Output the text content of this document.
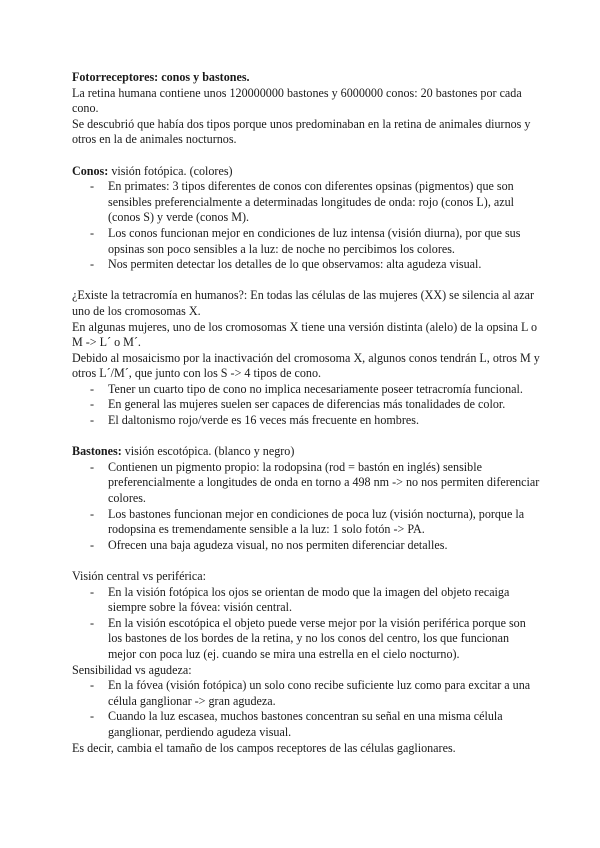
Fotorreceptores: conos y bastones.

La retina humana contiene unos 120000000 bastones y 6000000 conos: 20 bastones por cada cono.

Se descubrió que había dos tipos porque unos predominaban en la retina de animales diurnos y otros en la de animales nocturnos.

Conos: visión fotópica. (colores)

- En primates: 3 tipos diferentes de conos con diferentes opsinas (pigmentos) que son sensibles preferencialmente a determinadas longitudes de onda: rojo (conos L), azul (conos S) y verde (conos M).
- Los conos funcionan mejor en condiciones de luz intensa (visión diurna), por que sus opsinas son poco sensibles a la luz: de noche no percibimos los colores.
- Nos permiten detectar los detalles de lo que observamos: alta agudeza visual.

¿Existe la tetracromía en humanos?: En todas las células de las mujeres (XX) se silencia al azar uno de los cromosomas X.

En algunas mujeres, uno de los cromosomas X tiene una versión distinta (alelo) de la opsina L o M -> L´ o M´.

Debido al mosaicismo por la inactivación del cromosoma X, algunos conos tendrán L, otros M y otros L´/M´, que junto con los S -> 4 tipos de cono.

- Tener un cuarto tipo de cono no implica necesariamente poseer tetracromía funcional.
- En general las mujeres suelen ser capaces de diferencias más tonalidades de color.
- El daltonismo rojo/verde es 16 veces más frecuente en hombres.

Bastones: visión escotópica. (blanco y negro)

- Contienen un pigmento propio: la rodopsina (rod = bastón en inglés) sensible preferencialmente a longitudes de onda en torno a 498 nm -> no nos permiten diferenciar colores.
- Los bastones funcionan mejor en condiciones de poca luz (visión nocturna), porque la rodopsina es tremendamente sensible a la luz: 1 solo fotón -> PA.
- Ofrecen una baja agudeza visual, no nos permiten diferenciar detalles.

Visión central vs periférica:

- En la visión fotópica los ojos se orientan de modo que la imagen del objeto recaiga siempre sobre la fóvea: visión central.
- En la visión escotópica el objeto puede verse mejor por la visión periférica porque son los bastones de los bordes de la retina, y no los conos del centro, los que funcionan mejor con poca luz (ej. cuando se mira una estrella en el cielo nocturno).

Sensibilidad vs agudeza:

- En la fóvea (visión fotópica) un solo cono recibe suficiente luz como para excitar a una célula ganglionar -> gran agudeza.
- Cuando la luz escasea, muchos bastones concentran su señal en una misma célula ganglionar, perdiendo agudeza visual.

Es decir, cambia el tamaño de los campos receptores de las células gaglionares.
